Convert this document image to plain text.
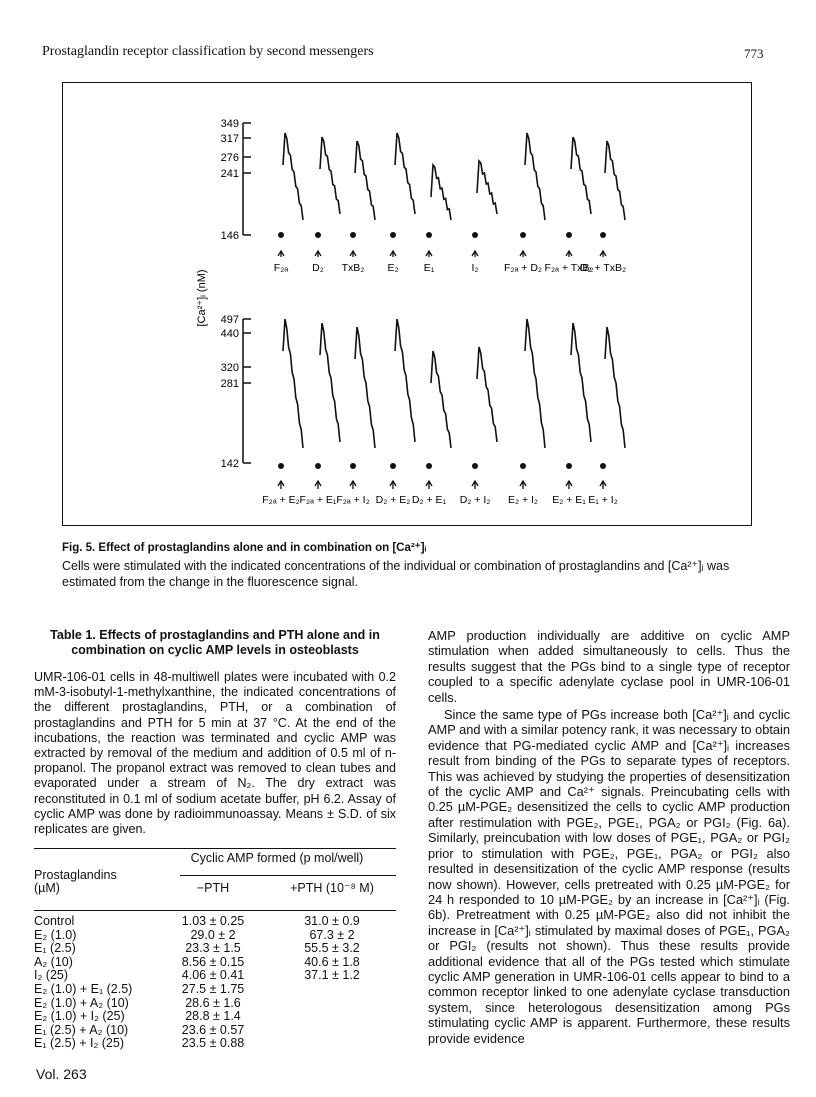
Prostaglandin receptor classification by second messengers	773
[Ca²⁺]ᵢ (nM)
349
317
276
241
146
F₂ₐ D₂ TxB₂ E₂ E₁	I₂ F₂ₐ + D₂ F₂ₐ + TxB₂
D₂ + TxB₂
497
440
320
281
142
F₂ₐ + E₂ F₂ₐ + E₁ F₂ₐ + I₂ D₂ + E₂ D₂ + E₁ D₂ + I₂ E₂ + I₂ E₂ + E₁ E₁ + I₂
Fig. 5. Effect of prostaglandins alone and in combination on [Ca²⁺]ᵢ
Cells were stimulated with the indicated concentrations of the individual or combination of prostaglandins and [Ca²⁺]ᵢ was estimated from the change in the fluorescence signal.
Table 1. Effects of prostaglandins and PTH alone and in combination on cyclic AMP levels in osteoblasts
UMR-106-01 cells in 48-multiwell plates were incubated with 0.2 mM-3-isobutyl-1-methylxanthine, the indicated concentrations of the different prostaglandins, PTH, or a combination of prostaglandins and PTH for 5 min at 37 °C. At the end of the incubations, the reaction was terminated and cyclic AMP was extracted by removal of the medium and addition of 0.5 ml of n-propanol. The propanol extract was removed to clean tubes and evaporated under a stream of N₂. The dry extract was reconstituted in 0.1 ml of sodium acetate buffer, pH 6.2. Assay of cyclic AMP was done by radioimmunoassay. Means ± S.D. of six replicates are given.
	Cyclic AMP formed (p mol/well)	
Prostaglandins		

(µM)	−PTH	+PTH (10⁻⁸ M)
Control	1.03 ± 0.25	31.0 ± 0.9
E₂ (1.0)	29.0 ± 2	67.3 ± 2
E₁ (2.5)	23.3 ± 1.5	55.5 ± 3.2
A₂ (10)	8.56 ± 0.15	40.6 ± 1.8
I₂ (25)	4.06 ± 0.41	37.1 ± 1.2
E₂ (1.0) + E₁ (2.5)	27.5 ± 1.75	
E₂ (1.0) + A₂ (10)	28.6 ± 1.6	
E₂ (1.0) + I₂ (25)	28.8 ± 1.4	
E₁ (2.5) + A₂ (10)	23.6 ± 0.57	
E₁ (2.5) + I₂ (25)	23.5 ± 0.88	

AMP production individually are additive on cyclic AMP stimulation when added simultaneously to cells. Thus the results suggest that the PGs bind to a single type of receptor coupled to a specific adenylate cyclase pool in UMR-106-01 cells.

Since the same type of PGs increase both [Ca²⁺]ᵢ and cyclic AMP and with a similar potency rank, it was necessary to obtain evidence that PG-mediated cyclic AMP and [Ca²⁺]ᵢ increases result from binding of the PGs to separate types of receptors. This was achieved by studying the properties of desensitization of the cyclic AMP and Ca²⁺ signals. Preincubating cells with 0.25 µM-PGE₂ desensitized the cells to cyclic AMP production after restimulation with PGE₂, PGE₁, PGA₂ or PGI₂ (Fig. 6a). Similarly, preincubation with low doses of PGE₁, PGA₂ or PGI₂ prior to stimulation with PGE₂, PGE₁, PGA₂ or PGI₂ also resulted in desensitization of the cyclic AMP response (results now shown). However, cells pretreated with 0.25 µM-PGE₂ for 24 h responded to 10 µM-PGE₂ by an increase in [Ca²⁺]ᵢ (Fig. 6b). Pretreatment with 0.25 µM-PGE₂ also did not inhibit the increase in [Ca²⁺]ᵢ stimulated by maximal doses of PGE₁, PGA₂ or PGI₂ (results not shown). Thus these results provide additional evidence that all of the PGs tested which stimulate cyclic AMP generation in UMR-106-01 cells appear to bind to a common receptor linked to one adenylate cyclase transduction system, since heterologous desensitization among PGs stimulating cyclic AMP is apparent. Furthermore, these results provide evidence

Vol. 263
